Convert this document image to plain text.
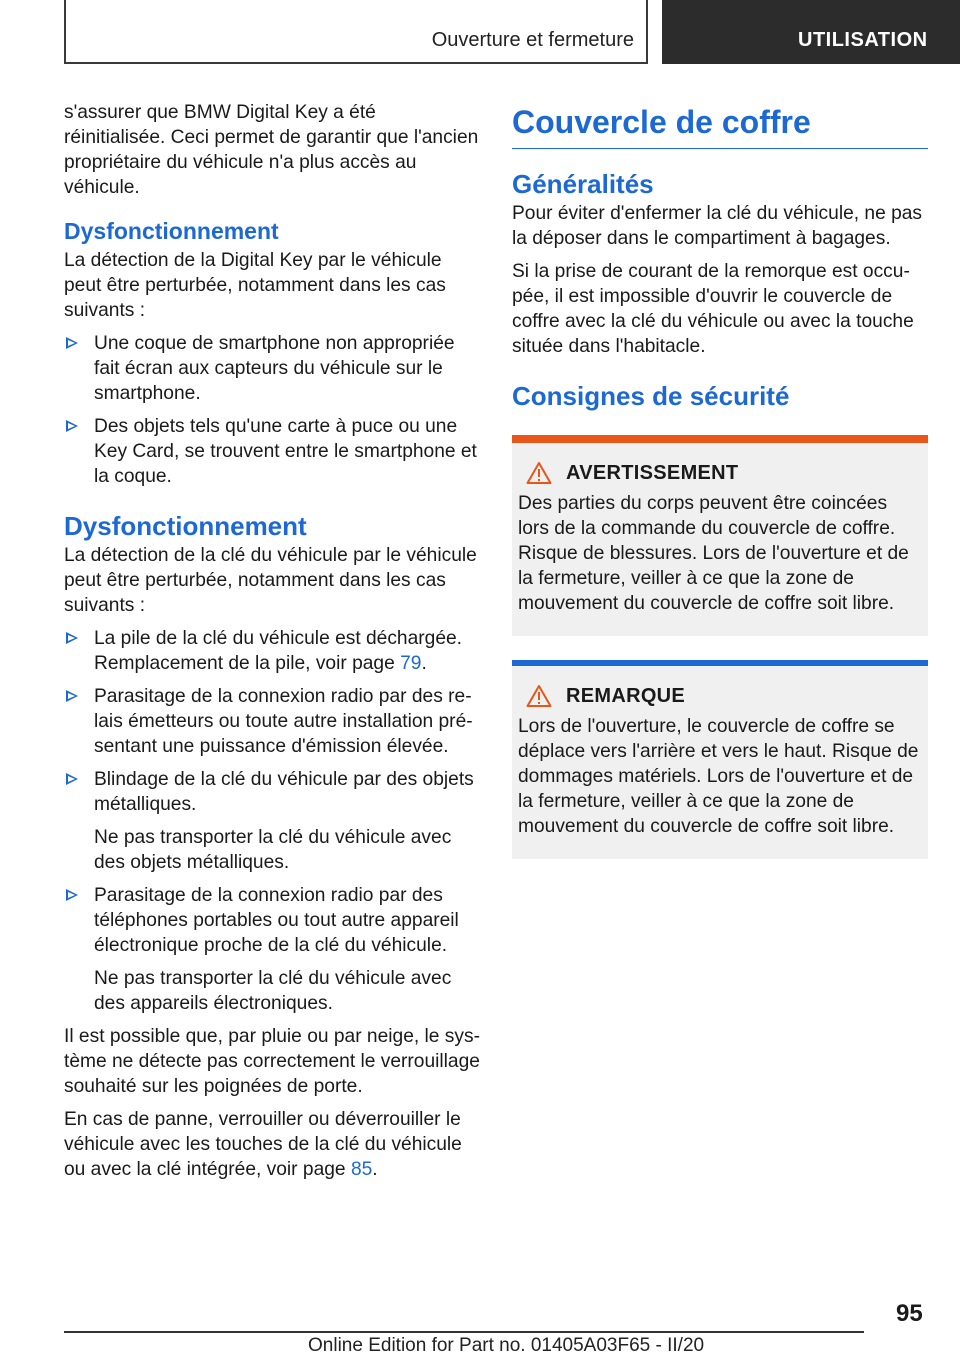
Ouverture et fermeture	UTILISATION

s'assurer que BMW Digital Key a été réinitialisée. Ceci permet de garantir que l'ancien propriétaire du véhicule n'a plus accès au véhicule.

Dysfonctionnement

La détection de la Digital Key par le véhicule peut être perturbée, notamment dans les cas suivants :

Une coque de smartphone non appropriée fait écran aux capteurs du véhicule sur le smartphone.
Des objets tels qu'une carte à puce ou une Key Card, se trouvent entre le smartphone et la coque.
Dysfonctionnement

La détection de la clé du véhicule par le véhicule peut être perturbée, notamment dans les cas suivants :

La pile de la clé du véhicule est déchargée. Remplacement de la pile, voir page 79.
Parasitage de la connexion radio par des relais émetteurs ou toute autre installation présentant une puissance d'émission élevée.
Blindage de la clé du véhicule par des objets métalliques.
Ne pas transporter la clé du véhicule avec des objets métalliques.
Parasitage de la connexion radio par des téléphones portables ou tout autre appareil électronique proche de la clé du véhicule.
Ne pas transporter la clé du véhicule avec des appareils électroniques.

Il est possible que, par pluie ou par neige, le système ne détecte pas correctement le verrouillage souhaité sur les poignées de porte.

En cas de panne, verrouiller ou déverrouiller le véhicule avec les touches de la clé du véhicule ou avec la clé intégrée, voir page 85.

Couvercle de coffre
Généralités

Pour éviter d'enfermer la clé du véhicule, ne pas la déposer dans le compartiment à bagages.

Si la prise de courant de la remorque est occupée, il est impossible d'ouvrir le couvercle de coffre avec la clé du véhicule ou avec la touche située dans l'habitacle.

Consignes de sécurité
AVERTISSEMENT

Des parties du corps peuvent être coincées lors de la commande du couvercle de coffre. Risque de blessures. Lors de l'ouverture et de la fermeture, veiller à ce que la zone de mouvement du couvercle de coffre soit libre.

REMARQUE

Lors de l'ouverture, le couvercle de coffre se déplace vers l'arrière et vers le haut. Risque de dommages matériels. Lors de l'ouverture et de la fermeture, veiller à ce que la zone de mouvement du couvercle de coffre soit libre.

95
Online Edition for Part no. 01405A03F65 - II/20
